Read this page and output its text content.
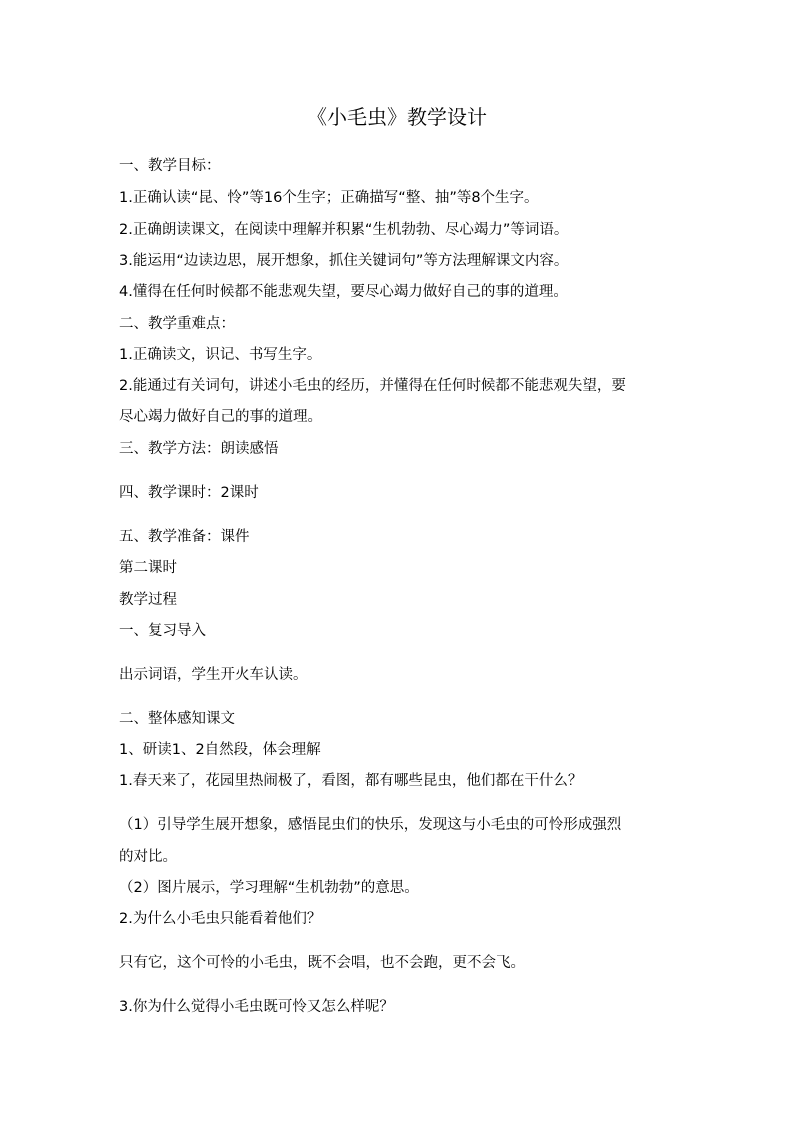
《小毛虫》教学设计
一、教学目标：
1.正确认读“昆、怜”等16个生字；正确描写“整、抽”等8个生字。
2.正确朗读课文，在阅读中理解并积累“生机勃勃、尽心竭力”等词语。
3.能运用“边读边思，展开想象，抓住关键词句”等方法理解课文内容。
4.懂得在任何时候都不能悲观失望，要尽心竭力做好自己的事的道理。
二、教学重难点：
1.正确读文，识记、书写生字。
2.能通过有关词句，讲述小毛虫的经历，并懂得在任何时候都不能悲观失望，要
尽心竭力做好自己的事的道理。
三、教学方法：朗读感悟
四、教学课时：2课时
五、教学准备：课件
第二课时
教学过程
一、复习导入
出示词语，学生开火车认读。
二、整体感知课文
1、研读1、2自然段，体会理解
1.春天来了，花园里热闹极了，看图，都有哪些昆虫，他们都在干什么？
（1）引导学生展开想象，感悟昆虫们的快乐，发现这与小毛虫的可怜形成强烈
的对比。
（2）图片展示，学习理解“生机勃勃”的意思。
2.为什么小毛虫只能看着他们？
只有它，这个可怜的小毛虫，既不会唱，也不会跑，更不会飞。
3.你为什么觉得小毛虫既可怜又怎么样呢？
